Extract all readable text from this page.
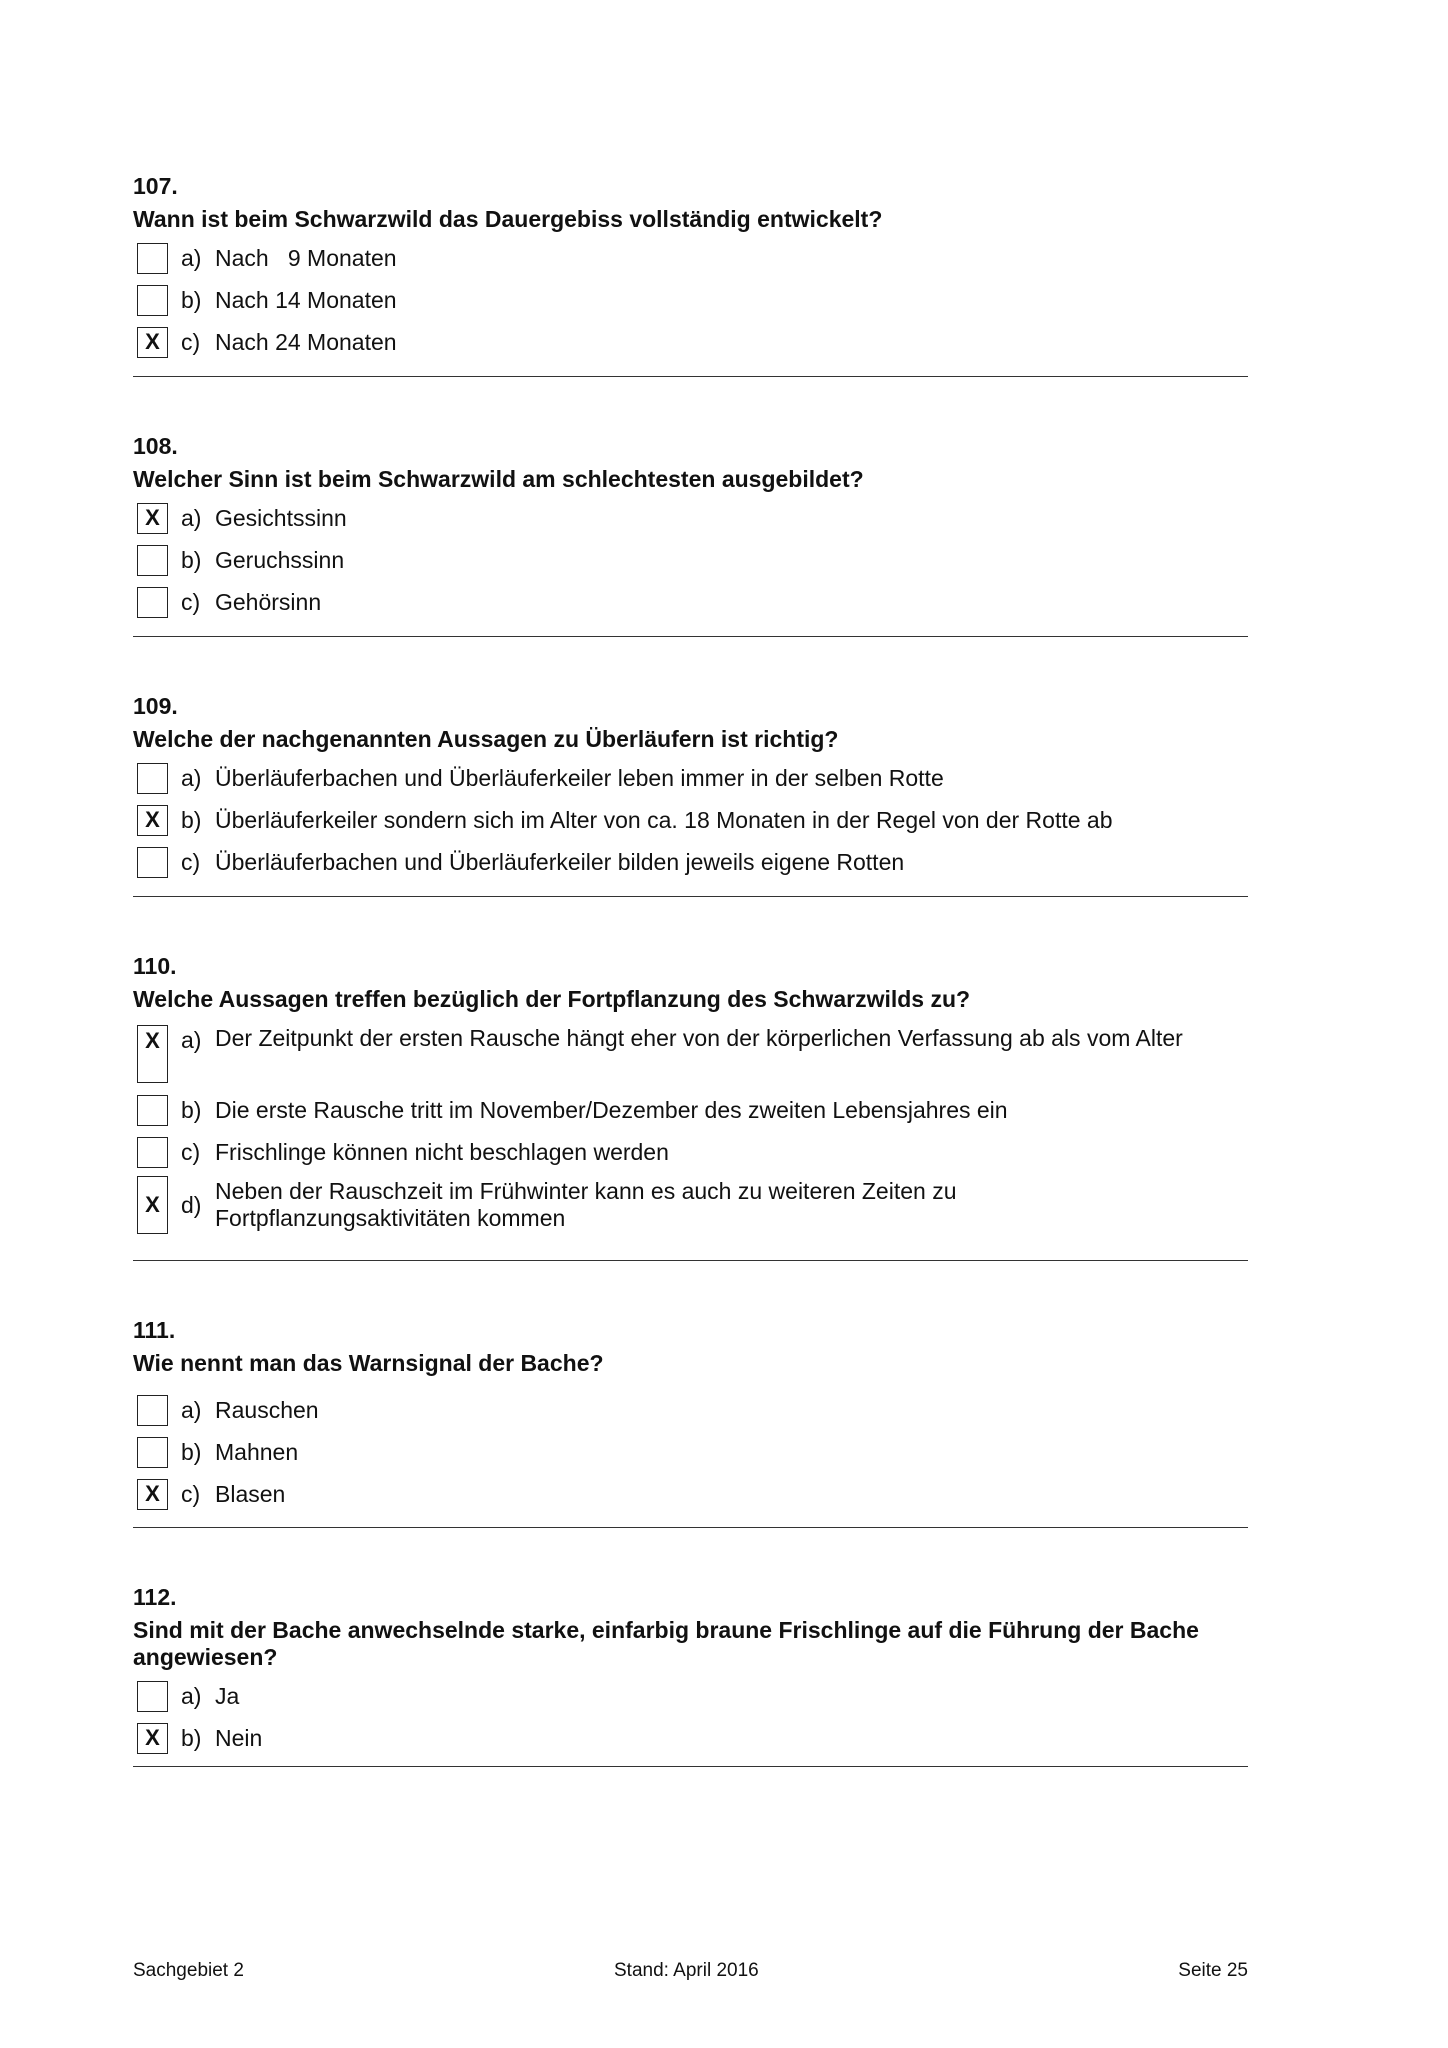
107.
Wann ist beim Schwarzwild das Dauergebiss vollständig entwickelt?
a) Nach   9 Monaten
b) Nach 14 Monaten
X c) Nach 24 Monaten
108.
Welcher Sinn ist beim Schwarzwild am schlechtesten ausgebildet?
X a) Gesichtssinn
b) Geruchssinn
c) Gehörsinn
109.
Welche der nachgenannten Aussagen zu Überläufern ist richtig?
a) Überläuferbachen und Überläuferkeiler leben immer in der selben Rotte
X b) Überläuferkeiler sondern sich im Alter von ca. 18 Monaten in der Regel von der Rotte ab
c) Überläuferbachen und Überläuferkeiler bilden jeweils eigene Rotten
110.
Welche Aussagen treffen bezüglich der Fortpflanzung des Schwarzwilds zu?
X a) Der Zeitpunkt der ersten Rausche hängt eher von der körperlichen Verfassung ab als vom Alter
b) Die erste Rausche tritt im November/Dezember des zweiten Lebensjahres ein
c) Frischlinge können nicht beschlagen werden
X d)
Neben der Rauschzeit im Frühwinter kann es auch zu weiteren Zeiten zu Fortpflanzungsaktivitäten kommen
111.
Wie nennt man das Warnsignal der Bache?
a) Rauschen
b) Mahnen
X c) Blasen
112.
Sind mit der Bache anwechselnde starke, einfarbig braune Frischlinge auf die Führung der Bache angewiesen?
a) Ja
X b) Nein
Sachgebiet 2	Stand: April 2016	Seite 25
